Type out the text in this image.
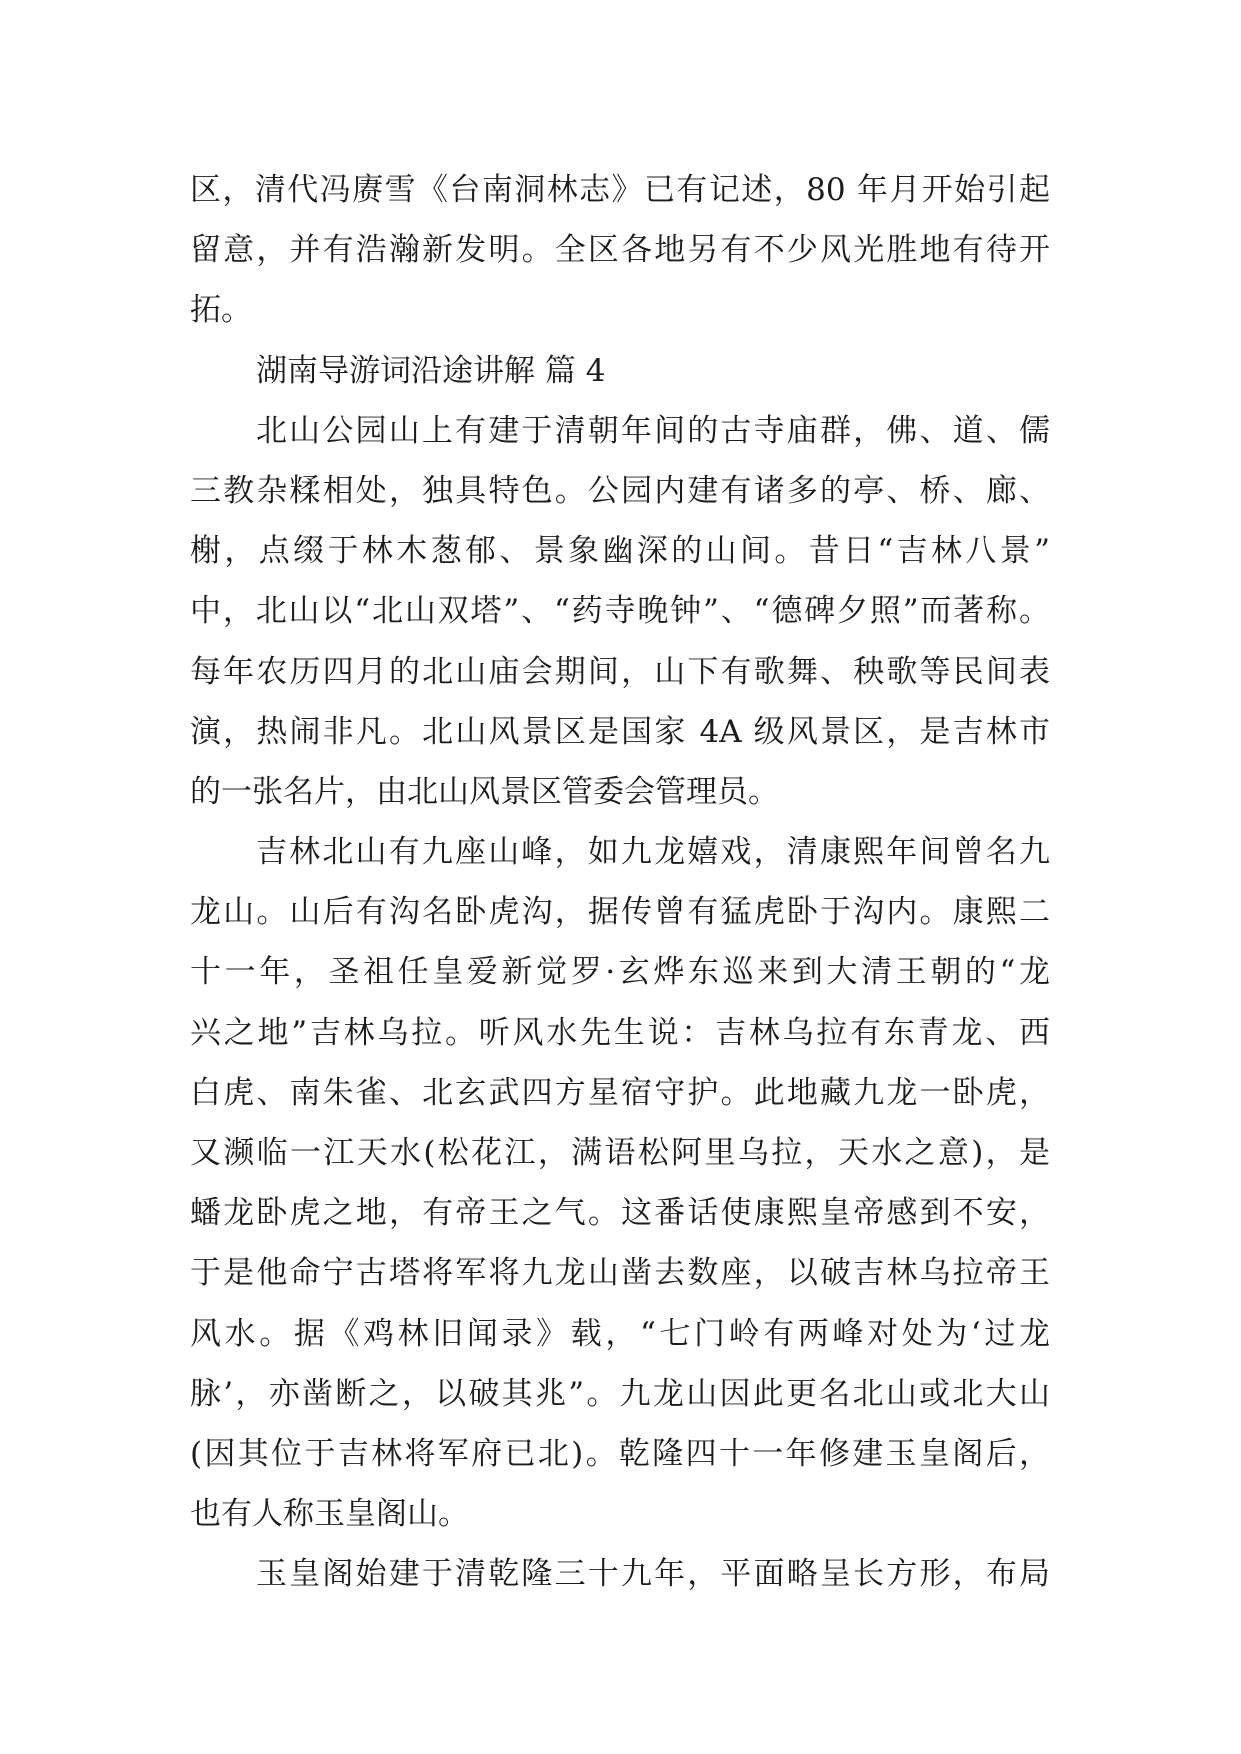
区，清代冯赓雪《台南洞林志》已有记述，80 年月开始引起
留意，并有浩瀚新发明。全区各地另有不少风光胜地有待开
拓。
湖南导游词沿途讲解 篇 4
北山公园山上有建于清朝年间的古寺庙群，佛、道、儒
三教杂糅相处，独具特色。公园内建有诸多的亭、桥、廊、
榭，点缀于林木葱郁、景象幽深的山间。昔日“吉林八景”
中，北山以“北山双塔”、“药寺晚钟”、“德碑夕照”而著称。
每年农历四月的北山庙会期间，山下有歌舞、秧歌等民间表
演，热闹非凡。北山风景区是国家 4A 级风景区，是吉林市
的一张名片，由北山风景区管委会管理员。
吉林北山有九座山峰，如九龙嬉戏，清康熙年间曾名九
龙山。山后有沟名卧虎沟，据传曾有猛虎卧于沟内。康熙二
十一年，圣祖任皇爱新觉罗·玄烨东巡来到大清王朝的“龙
兴之地”吉林乌拉。听风水先生说：吉林乌拉有东青龙、西
白虎、南朱雀、北玄武四方星宿守护。此地藏九龙一卧虎，
又濒临一江天水(松花江，满语松阿里乌拉，天水之意)，是
蟠龙卧虎之地，有帝王之气。这番话使康熙皇帝感到不安，
于是他命宁古塔将军将九龙山凿去数座，以破吉林乌拉帝王
风水。据《鸡林旧闻录》载，“七门岭有两峰对处为‘过龙
脉’，亦凿断之，以破其兆”。九龙山因此更名北山或北大山
(因其位于吉林将军府已北)。乾隆四十一年修建玉皇阁后，
也有人称玉皇阁山。
玉皇阁始建于清乾隆三十九年，平面略呈长方形，布局
